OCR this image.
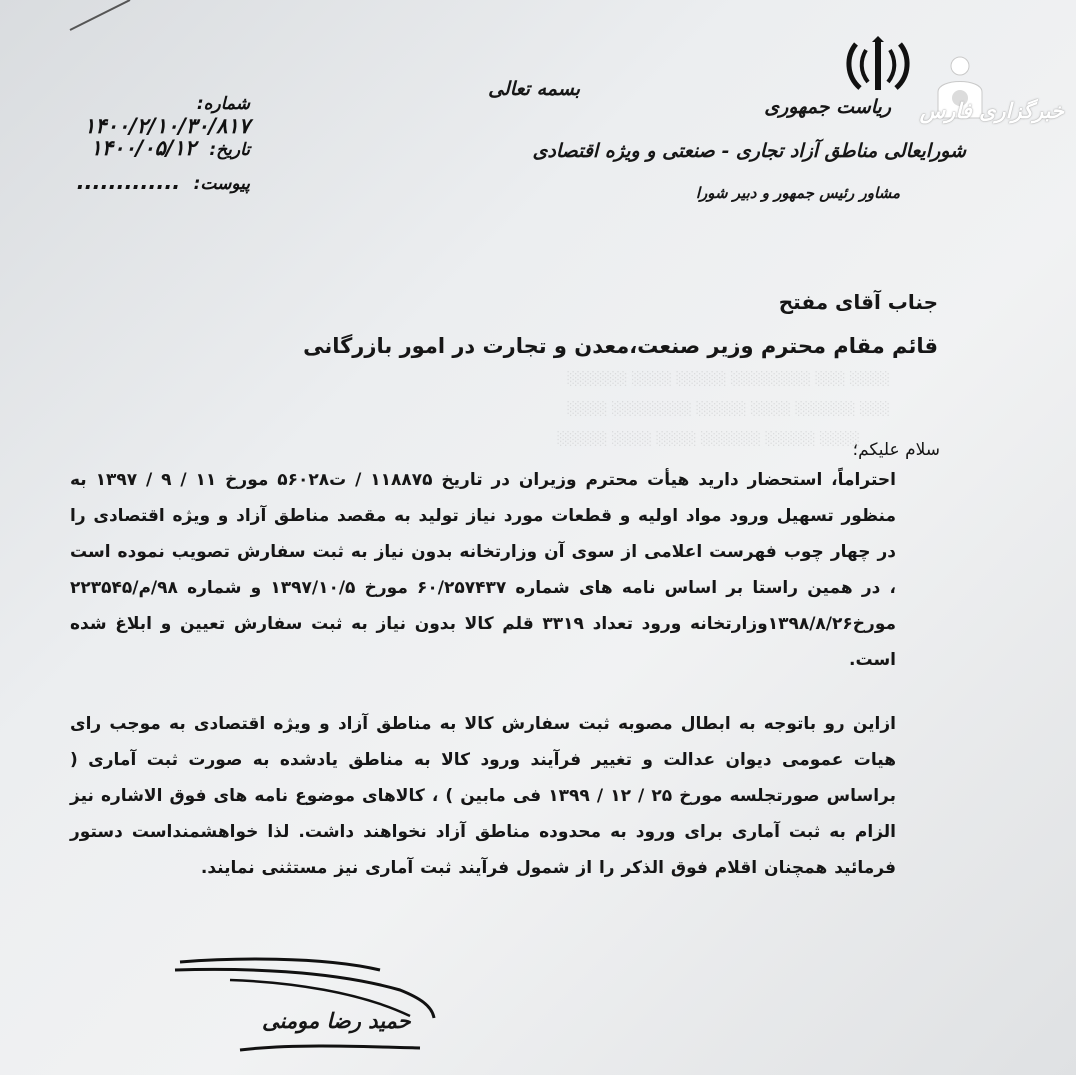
░░░░░░ ░░░░ ░░░░░ ░░░░░░░░ ░░░ ░░░░
░░░░ ░░░░░░░░ ░░░░░ ░░░░ ░░░░░░ ░░░
░░░░░ ░░░░ ░░░░ ░░░░░░ ░░░░░ ░░░░
شماره: ۱۴۰۰/۲/۱۰/۳۰/۸۱۷
تاریخ: ۱۴۰۰/۰۵/۱۲
پیوست: .............
بسمه تعالی
خبرگزاری فارس
ریاست جمهوری
شورایعالی مناطق آزاد تجاری - صنعتی و ویژه اقتصادی
مشاور رئیس جمهور و دبیر شورا
جناب آقای مفتح
قائم مقام محترم وزیر صنعت،معدن و تجارت در امور بازرگانی
سلام علیکم؛
احتراماً، استحضار دارید هیأت محترم وزیران در تاریخ ۱۱۸۸۷۵ / ت۵۶۰۲۸ مورخ ۱۱ / ۹ / ۱۳۹۷ به منظور تسهیل ورود مواد اولیه و قطعات مورد نیاز تولید به مقصد مناطق آزاد و ویژه اقتصادی را در چهار چوب فهرست اعلامی از سوی آن وزارتخانه بدون نیاز به ثبت سفارش تصویب نموده است ، در همین راستا بر اساس نامه های شماره ۶۰/۲۵۷۴۳۷ مورخ ۱۳۹۷/۱۰/۵ و شماره ۹۸/م/۲۲۳۵۴۵ مورخ۱۳۹۸/۸/۲۶وزارتخانه ورود تعداد ۳۳۱۹ قلم کالا بدون نیاز به ثبت سفارش تعیین و ابلاغ شده است.
ازاین رو باتوجه به ابطال مصوبه ثبت سفارش کالا به مناطق آزاد و ویژه اقتصادی به موجب رای هیات عمومی دیوان عدالت و تغییر فرآیند ورود کالا به مناطق یادشده به صورت ثبت آماری ( براساس صورتجلسه مورخ ۲۵ / ۱۲ / ۱۳۹۹ فی مابین ) ، کالاهای موضوع نامه های فوق الاشاره نیز الزام به ثبت آماری برای ورود به محدوده مناطق آزاد نخواهند داشت. لذا خواهشمنداست دستور فرمائید همچنان اقلام فوق الذکر را از شمول فرآیند ثبت آماری نیز مستثنی نمایند.
حمید رضا مومنی
